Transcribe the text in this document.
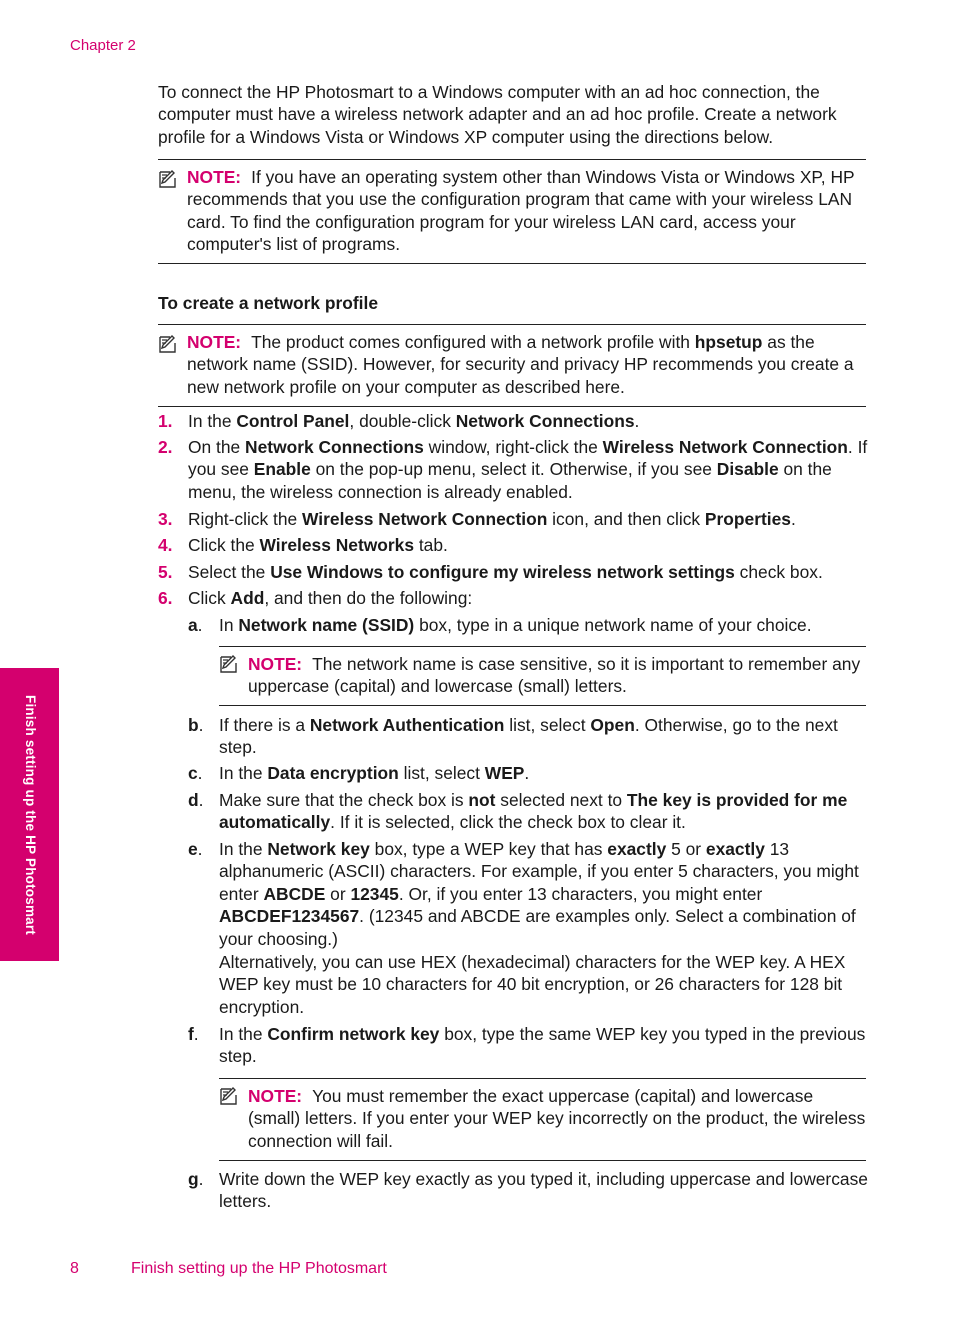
Chapter 2
To connect the HP Photosmart to a Windows computer with an ad hoc connection, the computer must have a wireless network adapter and an ad hoc profile. Create a network profile for a Windows Vista or Windows XP computer using the directions below.
NOTE: If you have an operating system other than Windows Vista or Windows XP, HP recommends that you use the configuration program that came with your wireless LAN card. To find the configuration program for your wireless LAN card, access your computer's list of programs.
To create a network profile
NOTE: The product comes configured with a network profile with hpsetup as the network name (SSID). However, for security and privacy HP recommends you create a new network profile on your computer as described here.
1. In the Control Panel, double-click Network Connections.
2. On the Network Connections window, right-click the Wireless Network Connection. If you see Enable on the pop-up menu, select it. Otherwise, if you see Disable on the menu, the wireless connection is already enabled.
3. Right-click the Wireless Network Connection icon, and then click Properties.
4. Click the Wireless Networks tab.
5. Select the Use Windows to configure my wireless network settings check box.
6. Click Add, and then do the following:
a. In Network name (SSID) box, type in a unique network name of your choice.
NOTE: The network name is case sensitive, so it is important to remember any uppercase (capital) and lowercase (small) letters.
b. If there is a Network Authentication list, select Open. Otherwise, go to the next step.
c. In the Data encryption list, select WEP.
d. Make sure that the check box is not selected next to The key is provided for me automatically. If it is selected, click the check box to clear it.
e. In the Network key box, type a WEP key that has exactly 5 or exactly 13 alphanumeric (ASCII) characters. For example, if you enter 5 characters, you might enter ABCDE or 12345. Or, if you enter 13 characters, you might enter ABCDEF1234567. (12345 and ABCDE are examples only. Select a combination of your choosing.)
Alternatively, you can use HEX (hexadecimal) characters for the WEP key. A HEX WEP key must be 10 characters for 40 bit encryption, or 26 characters for 128 bit encryption.
f. In the Confirm network key box, type the same WEP key you typed in the previous step.
NOTE: You must remember the exact uppercase (capital) and lowercase (small) letters. If you enter your WEP key incorrectly on the product, the wireless connection will fail.
g. Write down the WEP key exactly as you typed it, including uppercase and lowercase letters.
Finish setting up the HP Photosmart
8	Finish setting up the HP Photosmart
